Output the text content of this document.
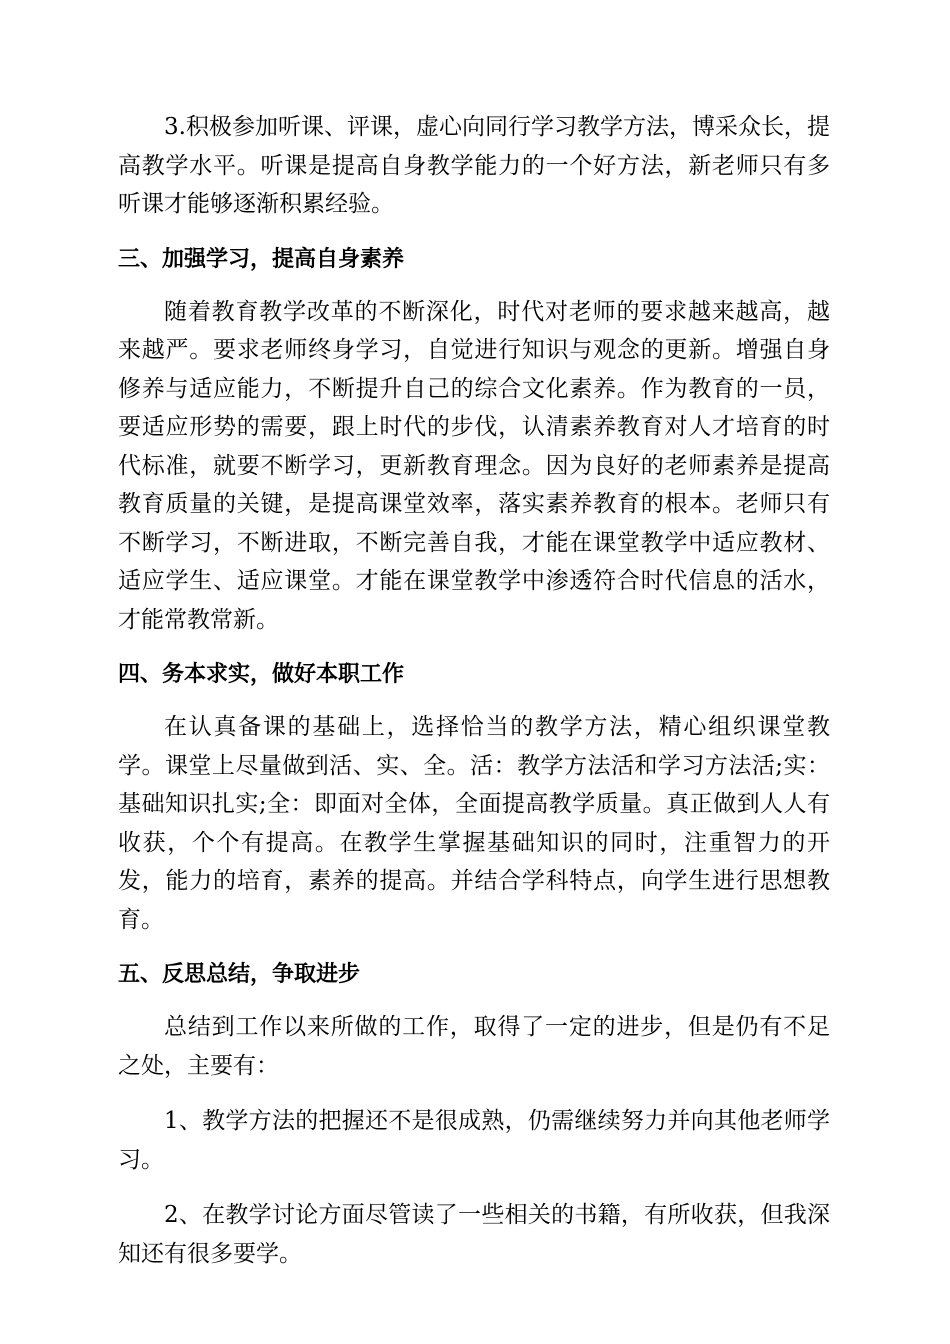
3.积极参加听课、评课，虚心向同行学习教学方法，博采众长，提高教学水平。听课是提高自身教学能力的一个好方法，新老师只有多听课才能够逐渐积累经验。

三、加强学习，提高自身素养

随着教育教学改革的不断深化，时代对老师的要求越来越高，越来越严。要求老师终身学习，自觉进行知识与观念的更新。增强自身修养与适应能力，不断提升自己的综合文化素养。作为教育的一员，要适应形势的需要，跟上时代的步伐，认清素养教育对人才培育的时代标准，就要不断学习，更新教育理念。因为良好的老师素养是提高教育质量的关键，是提高课堂效率，落实素养教育的根本。老师只有不断学习，不断进取，不断完善自我，才能在课堂教学中适应教材、适应学生、适应课堂。才能在课堂教学中渗透符合时代信息的活水，才能常教常新。

四、务本求实，做好本职工作

在认真备课的基础上，选择恰当的教学方法，精心组织课堂教学。课堂上尽量做到活、实、全。活：教学方法活和学习方法活;实：基础知识扎实;全：即面对全体，全面提高教学质量。真正做到人人有收获，个个有提高。在教学生掌握基础知识的同时，注重智力的开发，能力的培育，素养的提高。并结合学科特点，向学生进行思想教育。

五、反思总结，争取进步

总结到工作以来所做的工作，取得了一定的进步，但是仍有不足之处，主要有：

1、教学方法的把握还不是很成熟，仍需继续努力并向其他老师学习。

2、在教学讨论方面尽管读了一些相关的书籍，有所收获，但我深知还有很多要学。
